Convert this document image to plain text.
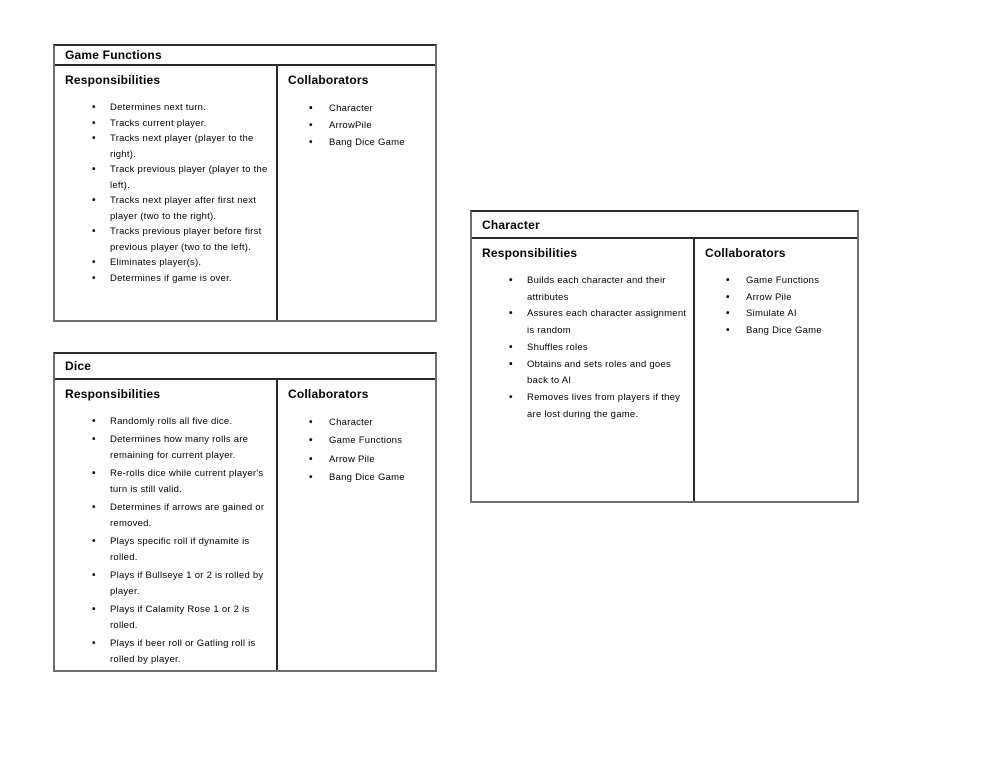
Game Functions
Responsibilities
• Determines next turn.
• Tracks current player.
• Tracks next player (player to the right).
• Track previous player (player to the left).
• Tracks next player after first next player (two to the right).
• Tracks previous player before first previous player (two to the left).
• Eliminates player(s).
• Determines if game is over.
Collaborators
• Character
• ArrowPile
• Bang Dice Game
Dice
Responsibilities
• Randomly rolls all five dice.
• Determines how many rolls are remaining for current player.
• Re-rolls dice while current player's turn is still valid.
• Determines if arrows are gained or removed.
• Plays specific roll if dynamite is rolled.
• Plays if Bullseye 1 or 2 is rolled by player.
• Plays if Calamity Rose 1 or 2 is rolled.
• Plays if beer roll or Gatling roll is rolled by player.
Collaborators
• Character
• Game Functions
• Arrow Pile
• Bang Dice Game
Character
Responsibilities
• Builds each character and their attributes
• Assures each character assignment is random
• Shuffles roles
• Obtains and sets roles and goes back to AI
• Removes lives from players if they are lost during the game.
Collaborators
• Game Functions
• Arrow Pile
• Simulate AI
• Bang Dice Game
